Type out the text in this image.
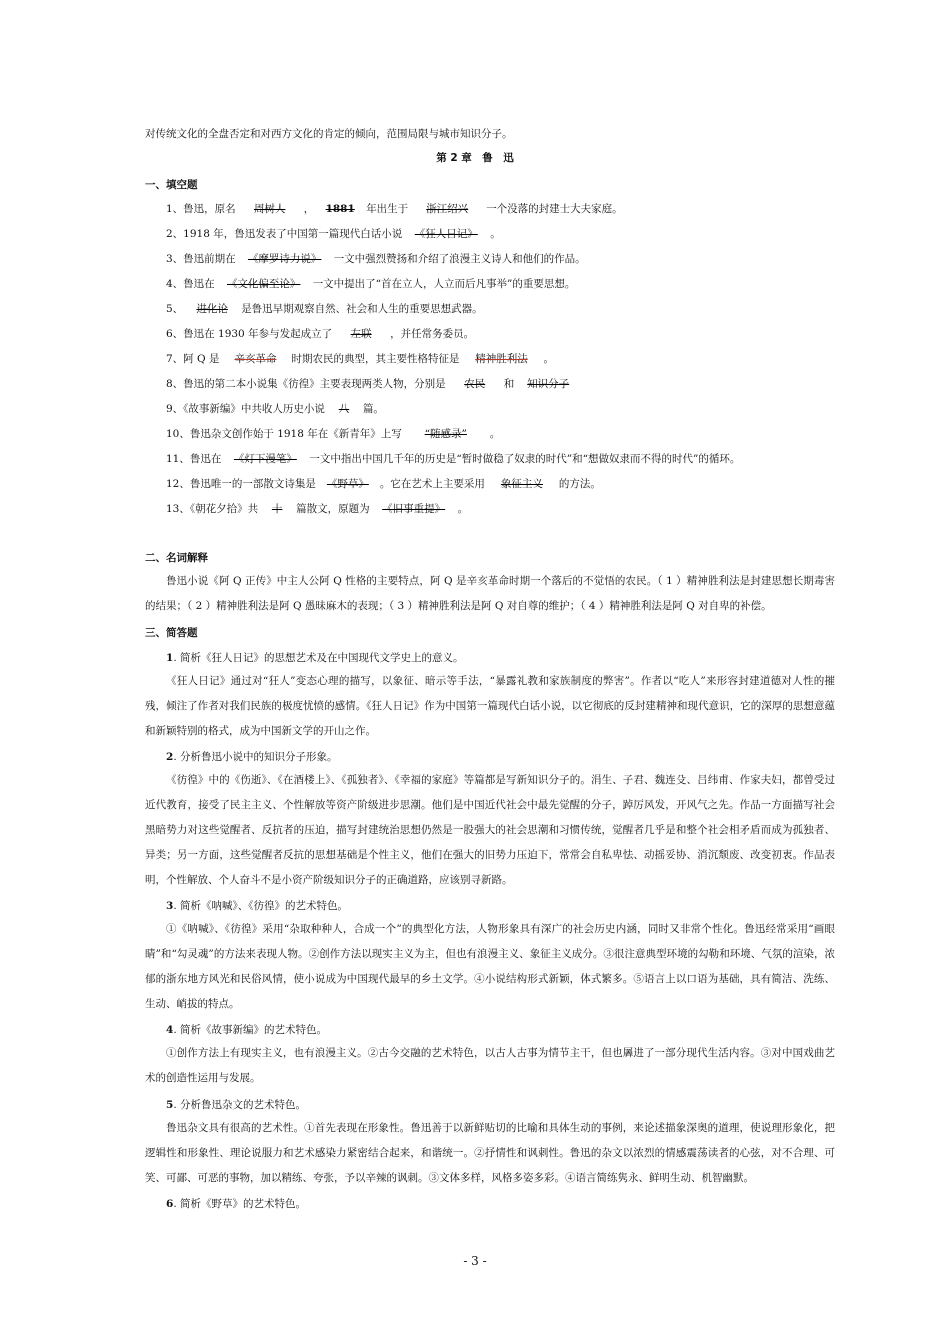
对传统文化的全盘否定和对西方文化的肯定的倾向，范围局限与城市知识分子。
第 2 章　鲁　迅
一、填空题
1、鲁迅，原名 周树人 ， 1881 年出生于 浙江绍兴 一个没落的封建士大夫家庭。
2、1918 年，鲁迅发表了中国第一篇现代白话小说 《狂人日记》 。
3、鲁迅前期在 《摩罗诗力说》 一文中强烈赞扬和介绍了浪漫主义诗人和他们的作品。
4、鲁迅在 《文化偏至论》 一文中提出了“首在立人，人立而后凡事举”的重要思想。
5、 进化论 是鲁迅早期观察自然、社会和人生的重要思想武器。
6、鲁迅在 1930 年参与发起成立了 左联 ，并任常务委员。
7、阿 Q 是 辛亥革命 时期农民的典型，其主要性格特征是 精神胜利法 。
8、鲁迅的第二本小说集《彷徨》主要表现两类人物，分别是 农民 和 知识分子
9、《故事新编》中共收人历史小说 八 篇。
10、鲁迅杂文创作始于 1918 年在《新青年》上写 “随感录” 。
11、鲁迅在 《灯下漫笔》 一文中指出中国几千年的历史是“暂时做稳了奴隶的时代”和“想做奴隶而不得的时代”的循环。
12、鲁迅唯一的一部散文诗集是 《野草》 。它在艺术上主要采用 象征主义 的方法。
13、《朝花夕拾》共 十 篇散文，原题为 《旧事重提》 。
二、名词解释
鲁迅小说《阿 Q 正传》中主人公阿 Q 性格的主要特点，阿 Q 是辛亥革命时期一个落后的不觉悟的农民。（ 1 ）精神胜利法是封建思想长期毒害的结果；（ 2 ）精神胜利法是阿 Q 愚昧麻木的表现；（ 3 ）精神胜利法是阿 Q 对自尊的维护；（ 4 ）精神胜利法是阿 Q 对自卑的补偿。
三、简答题
1. 简析《狂人日记》的思想艺术及在中国现代文学史上的意义。
《狂人日记》通过对“狂人”变态心理的描写，以象征、暗示等手法，“暴露礼教和家族制度的弊害”。作者以“吃人”来形容封建道德对人性的摧残，倾注了作者对我们民族的极度忧愤的感情。《狂人日记》作为中国第一篇现代白话小说，以它彻底的反封建精神和现代意识，它的深厚的思想意蕴和新颖特别的格式，成为中国新文学的开山之作。
2. 分析鲁迅小说中的知识分子形象。
《彷徨》中的《伤逝》、《在酒楼上》、《孤独者》、《幸福的家庭》等篇都是写新知识分子的。涓生、子君、魏连殳、吕纬甫、作家夫妇，都曾受过近代教育，接受了民主主义、个性解放等资产阶级进步思潮。他们是中国近代社会中最先觉醒的分子，踔厉风发，开风气之先。作品一方面描写社会黑暗势力对这些觉醒者、反抗者的压迫，描写封建统治思想仍然是一股强大的社会思潮和习惯传统，觉醒者几乎是和整个社会相矛盾而成为孤独者、异类；另一方面，这些觉醒者反抗的思想基础是个性主义，他们在强大的旧势力压迫下，常常会自私卑怯、动摇妥协、消沉颓废、改变初衷。作品表明，个性解放、个人奋斗不是小资产阶级知识分子的正确道路，应该别寻新路。
3. 简析《呐喊》、《彷徨》的艺术特色。
①《呐喊》、《彷徨》采用“杂取种种人，合成一个”的典型化方法，人物形象具有深广的社会历史内涵，同时又非常个性化。鲁迅经常采用“画眼睛”和“勾灵魂”的方法来表现人物。②创作方法以现实主义为主，但也有浪漫主义、象征主义成分。③很注意典型环境的勾勒和环境、气氛的渲染，浓郁的浙东地方风光和民俗风情，使小说成为中国现代最早的乡土文学。④小说结构形式新颖，体式繁多。⑤语言上以口语为基础，具有简洁、洗练、生动、峭拔的特点。
4. 简析《故事新编》的艺术特色。
①创作方法上有现实主义，也有浪漫主义。②古今交融的艺术特色，以古人古事为情节主干，但也羼进了一部分现代生活内容。③对中国戏曲艺术的创造性运用与发展。
5. 分析鲁迅杂文的艺术特色。
鲁迅杂文具有很高的艺术性。①首先表现在形象性。鲁迅善于以新鲜贴切的比喻和具体生动的事例，来论述描象深奥的道理，使说理形象化，把逻辑性和形象性、理论说服力和艺术感染力紧密结合起来，和谐统一。②抒情性和讽刺性。鲁迅的杂文以浓烈的情感震荡读者的心弦，对不合理、可笑、可鄙、可恶的事物，加以精练、夸张，予以辛辣的讽刺。③文体多样，风格多姿多彩。④语言简练隽永、鲜明生动、机智幽默。
6. 简析《野草》的艺术特色。
- 3 -
